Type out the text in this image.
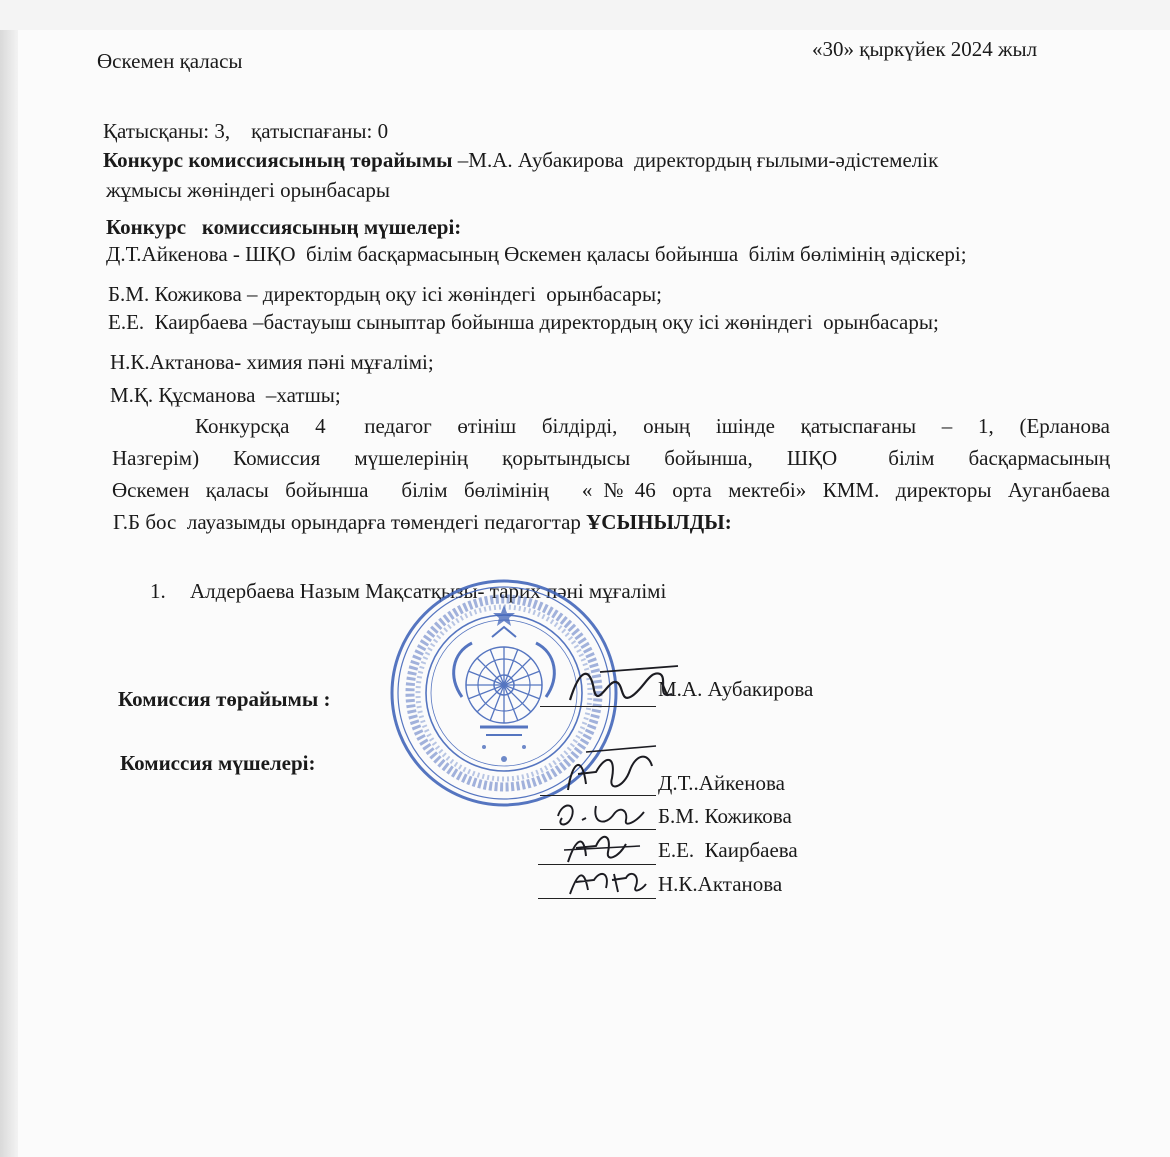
Өскемен қаласы	«30» қыркүйек 2024 жыл
Қатысқаны: 3,    қатыспағаны: 0
Конкурс комиссиясының төрайымы –М.А. Аубакирова  директордың ғылыми-әдістемелік
жұмысы жөніндегі орынбасары
Конкурс   комиссиясының мүшелері:
Д.Т.Айкенова - ШҚО  білім басқармасының Өскемен қаласы бойынша  білім бөлімінің әдіскері;
Б.М. Кожикова – директордың оқу ісі жөніндегі  орынбасары;
Е.Е.  Каирбаева –бастауыш сыныптар бойынша директордың оқу ісі жөніндегі  орынбасары;
Н.К.Актанова- химия пәні мұғалімі;
М.Қ. Құсманова  –хатшы;
Конкурсқа  4   педагог  өтініш  білдірді,  оның  ішінде  қатыспағаны  –  1,  (Ерланова
Назгерім)  Комиссия  мүшелерінің  қорытындысы  бойынша,  ШҚО   білім  басқармасының
Өскемен қаласы бойынша  білім бөлімінің  «№46 орта мектебі» КММ. директоры Ауганбаева
Г.Б бос  лауазымды орындарға төмендегі педагогтар ҰСЫНЫЛДЫ:
1. Алдербаева Назым Мақсатқызы- тарих пәні мұғалімі
Комиссия төрайымы :	М.А. Аубакирова
Комиссия мүшелері:
Д.Т..Айкенова
Б.М. Кожикова
Е.Е.  Каирбаева
Н.К.Актанова
